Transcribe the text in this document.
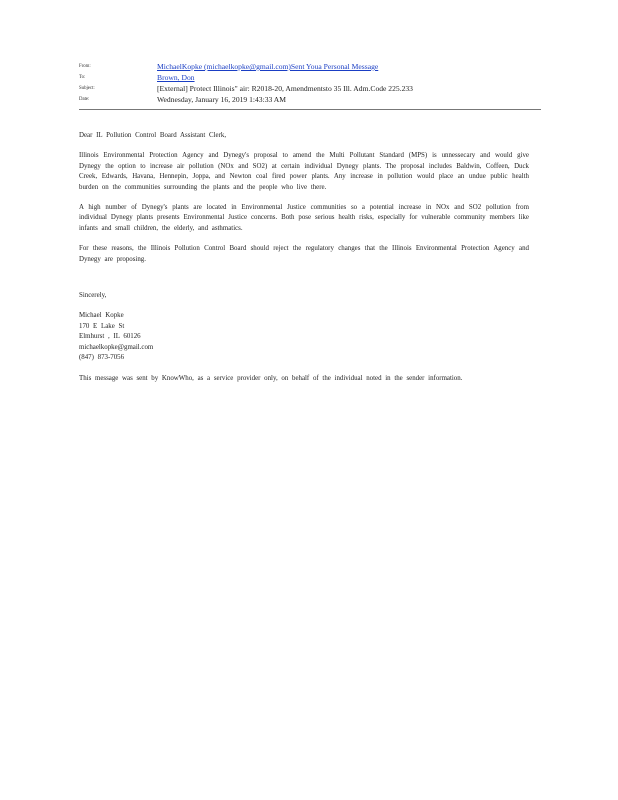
From:	MichaelKopke (michaelkopke@gmail.com)Sent Youa Personal Message
To:	Brown, Don
Subject:	[External] Protect Illinois" air: R2018-20, Amendmentsto 35 Ill. Adm.Code 225.233
Date:	Wednesday, January 16, 2019 1:43:33 AM

Dear IL Pollution Control Board Assistant Clerk,

Illinois Environmental Protection Agency and Dynegy's proposal to amend the Multi Pollutant Standard (MPS) is unnessecary and would give Dynegy the option to increase air pollution (NOx and SO2) at certain individual Dynegy plants. The proposal includes Baldwin, Coffeen, Duck Creek, Edwards, Havana, Hennepin, Joppa, and Newton coal fired power plants. Any increase in pollution would place an undue public health burden on the communities surrounding the plants and the people who live there.

A high number of Dynegy's plants are located in Environmental Justice communities so a potential increase in NOx and SO2 pollution from individual Dynegy plants presents Environmental Justice concerns. Both pose serious health risks, especially for vulnerable community members like infants and small children, the elderly, and asthmatics.

For these reasons, the Illinois Pollution Control Board should reject the regulatory changes that the Illinois Environmental Protection Agency and Dynegy are proposing.

Sincerely,

Michael Kopke

170 E Lake St

Elmhurst , IL 60126

michaelkopke@gmail.com

(847) 873-7056

This message was sent by KnowWho, as a service provider only, on behalf of the individual noted in the sender information.
